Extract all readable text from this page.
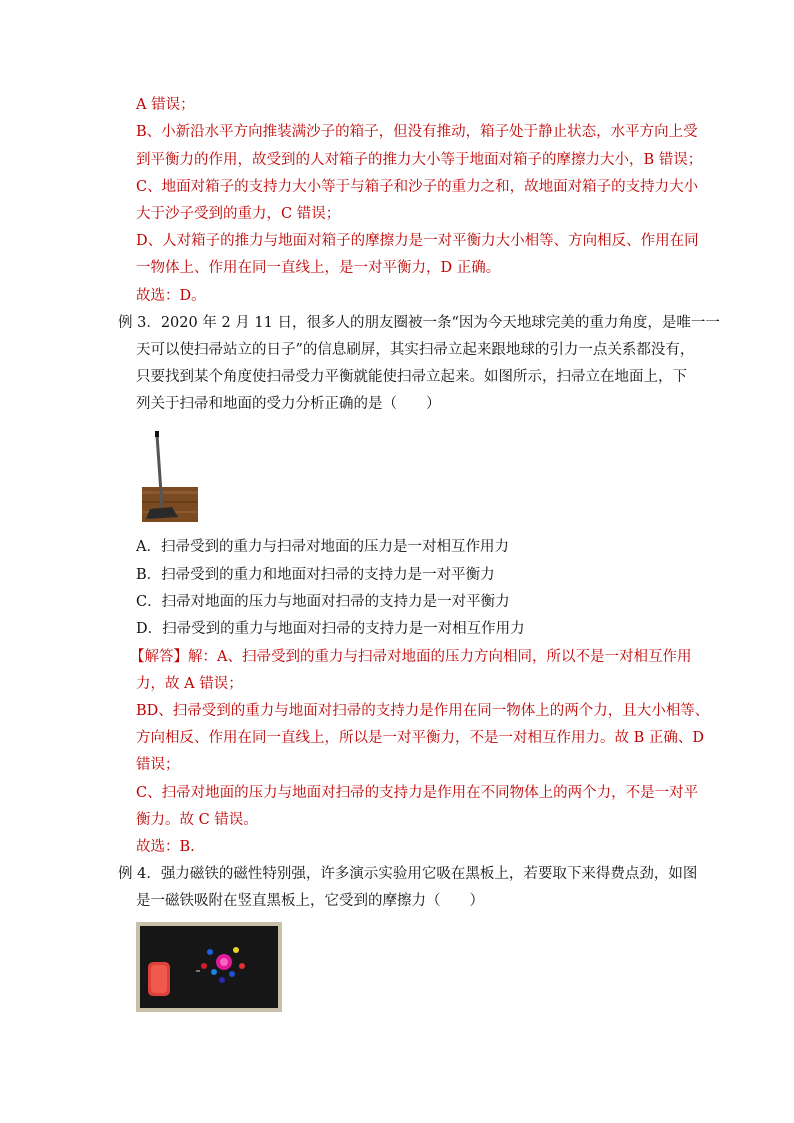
A 错误；
B、小新沿水平方向推装满沙子的箱子，但没有推动，箱子处于静止状态，水平方向上受
到平衡力的作用，故受到的人对箱子的推力大小等于地面对箱子的摩擦力大小，B 错误；
C、地面对箱子的支持力大小等于与箱子和沙子的重力之和，故地面对箱子的支持力大小
大于沙子受到的重力，C 错误；
D、人对箱子的推力与地面对箱子的摩擦力是一对平衡力大小相等、方向相反、作用在同
一物体上、作用在同一直线上，是一对平衡力，D 正确。
故选：D。
例 3．2020 年 2 月 11 日，很多人的朋友圈被一条“因为今天地球完美的重力角度，是唯一一
天可以使扫帚站立的日子”的信息刷屏，其实扫帚立起来跟地球的引力一点关系都没有，
只要找到某个角度使扫帚受力平衡就能使扫帚立起来。如图所示，扫帚立在地面上，下
列关于扫帚和地面的受力分析正确的是（　　）
A．扫帚受到的重力与扫帚对地面的压力是一对相互作用力
B．扫帚受到的重力和地面对扫帚的支持力是一对平衡力
C．扫帚对地面的压力与地面对扫帚的支持力是一对平衡力
D．扫帚受到的重力与地面对扫帚的支持力是一对相互作用力
【解答】解：A、扫帚受到的重力与扫帚对地面的压力方向相同，所以不是一对相互作用
力，故 A 错误；
BD、扫帚受到的重力与地面对扫帚的支持力是作用在同一物体上的两个力，且大小相等、
方向相反、作用在同一直线上，所以是一对平衡力，不是一对相互作用力。故 B 正确、D
错误；
C、扫帚对地面的压力与地面对扫帚的支持力是作用在不同物体上的两个力，不是一对平
衡力。故 C 错误。
故选：B.
例 4．强力磁铁的磁性特别强，许多演示实验用它吸在黑板上，若要取下来得费点劲，如图
是一磁铁吸附在竖直黑板上，它受到的摩擦力（　　）
